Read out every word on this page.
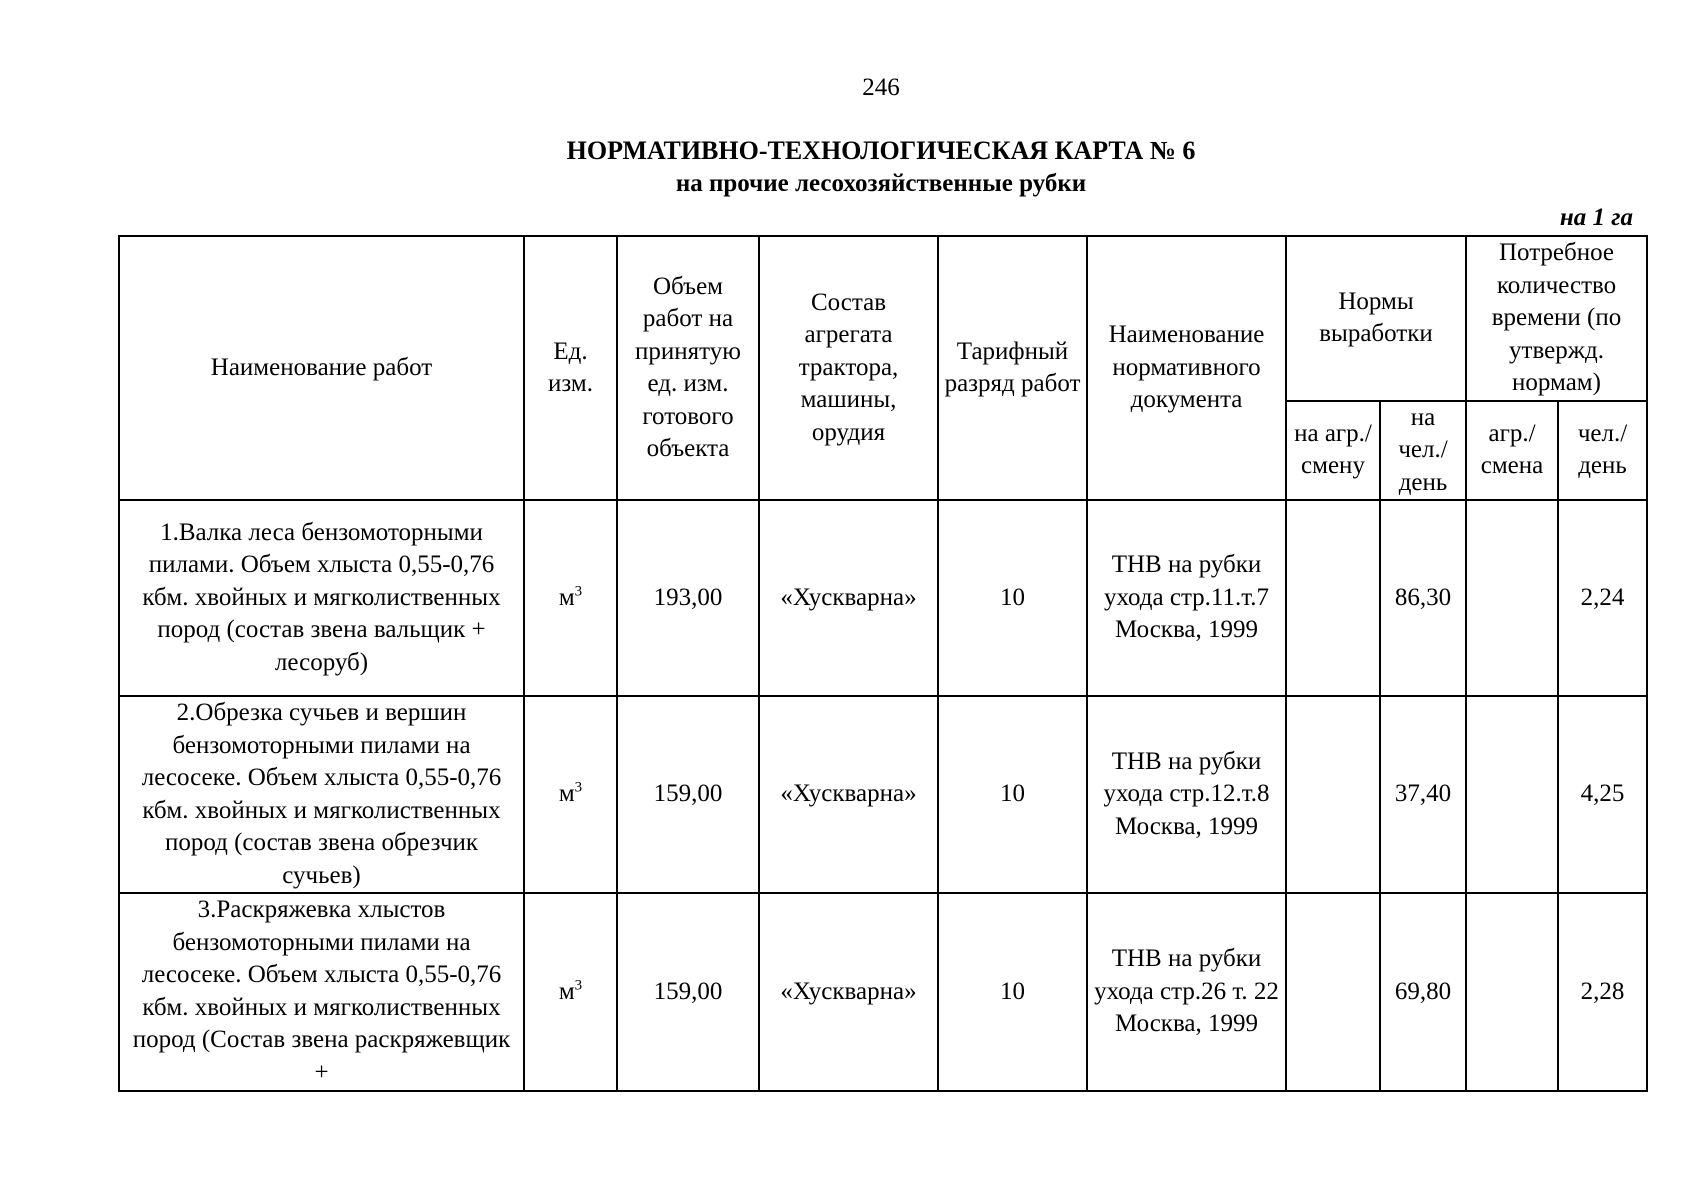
246
НОРМАТИВНО-ТЕХНОЛОГИЧЕСКАЯ КАРТА № 6
на прочие лесохозяйственные рубки
на 1 га
Наименование работ	Ед. изм.	Объем работ на принятую ед. изм. готового объекта	Состав агрегата трактора, машины, орудия	Тарифный разряд работ	Наименование нормативного документа	Нормы выработки		Потребное количество времени (по утвержд. нормам)	
						на агр./ смену	на чел./ день	агр./ смена	чел./ день
1.Валка леса бензомоторными пилами. Объем хлыста 0,55-0,76 кбм. хвойных и мягколиственных пород (состав звена вальщик + лесоруб)	$м^3$	193,00	«Хускварна»	10	ТНВ на рубки ухода стр.11.т.7 Москва, 1999		86,30		2,24
2.Обрезка сучьев и вершин бензомоторными пилами на лесосеке. Объем хлыста 0,55-0,76 кбм. хвойных и мягколиственных пород (состав звена обрезчик сучьев)	$м^3$	159,00	«Хускварна»	10	ТНВ на рубки ухода стр.12.т.8 Москва, 1999		37,40		4,25

3.Раскряжевка хлыстов бензомоторными пилами на лесосеке. Объем хлыста 0,55-0,76 кбм. хвойных и мягколиственных пород (Состав звена раскряжевщик +	$м^3$	159,00	«Хускварна»	10	ТНВ на рубки ухода стр.26 т. 22 Москва, 1999		69,80		2,28
